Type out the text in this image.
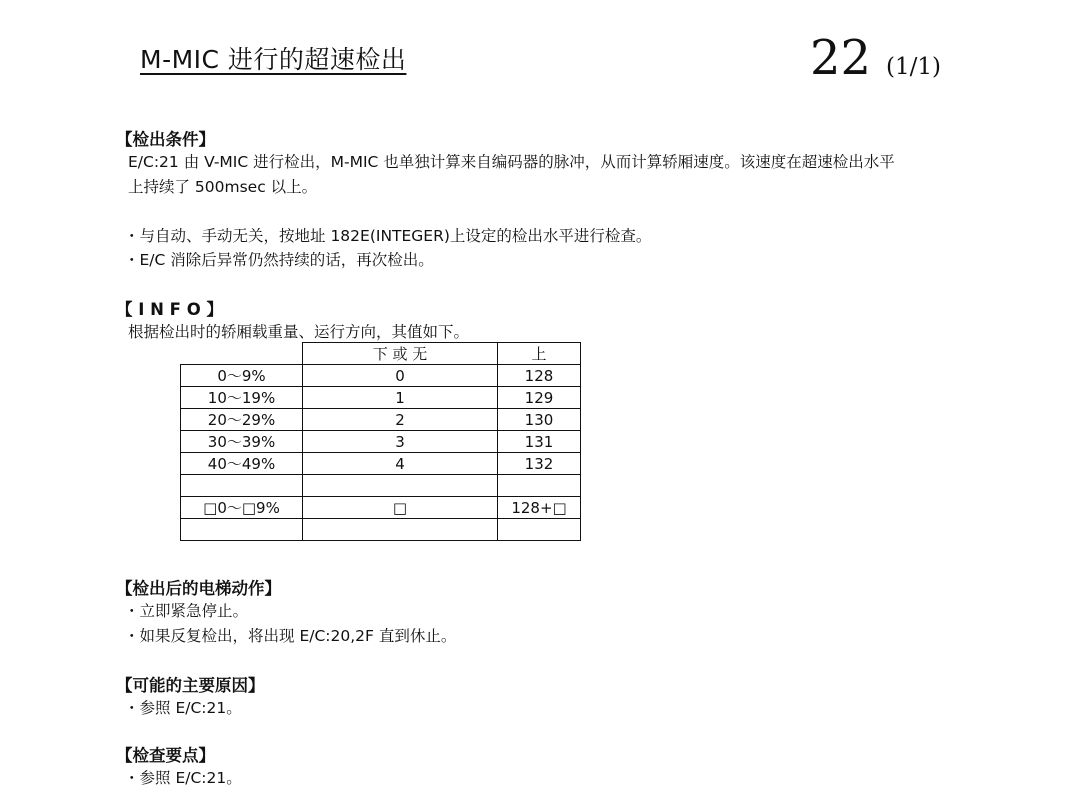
M-MIC 进行的超速检出	22 (1/1)
【检出条件】
E/C:21 由 V-MIC 进行检出，M-MIC 也单独计算来自编码器的脉冲，从而计算轿厢速度。该速度在超速检出水平
上持续了 500msec 以上。
・ 与自动、手动无关，按地址 182E(INTEGER)上设定的检出水平进行检查。
・ E/C 消除后异常仍然持续的话，再次检出。
【 I N F O 】
根据检出时的轿厢载重量、运行方向，其值如下。
	下 或 无	上
0～9%	0	128
10～19%	1	129
20～29%	2	130
30～39%	3	131
40～49%	4	132

□0～□9%	□	128+□

【检出后的电梯动作】
・ 立即紧急停止。
・ 如果反复检出，将出现 E/C:20,2F 直到休止。
【可能的主要原因】
・ 参照 E/C:21。
【检查要点】
・ 参照 E/C:21。
